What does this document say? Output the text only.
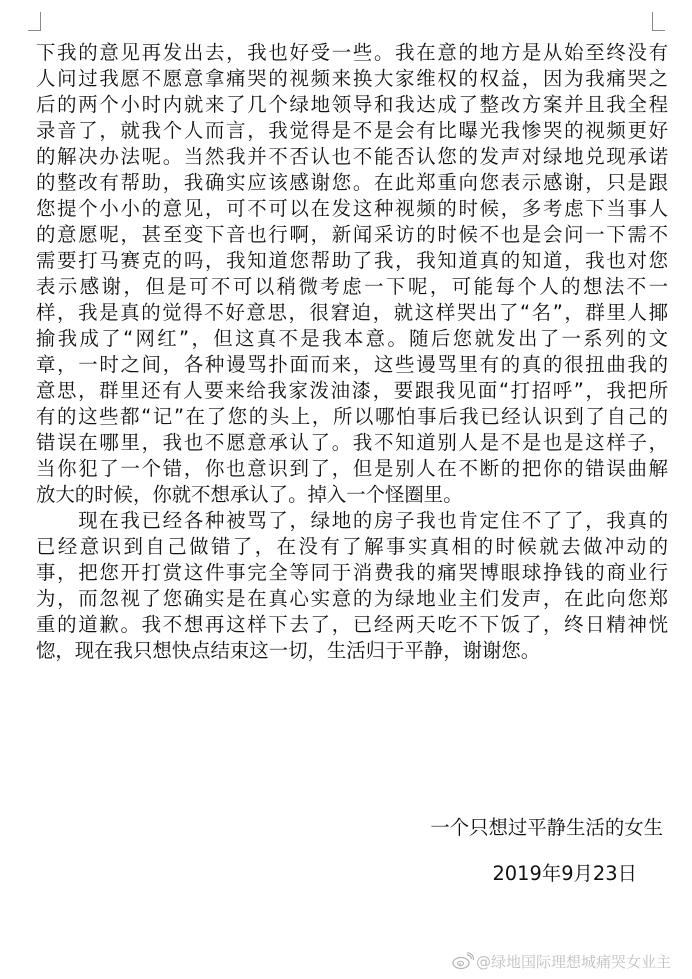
下我的意见再发出去，我也好受一些。我在意的地方是从始至终没有
人问过我愿不愿意拿痛哭的视频来换大家维权的权益，因为我痛哭之
后的两个小时内就来了几个绿地领导和我达成了整改方案并且我全程
录音了，就我个人而言，我觉得是不是会有比曝光我惨哭的视频更好
的解决办法呢。当然我并不否认也不能否认您的发声对绿地兑现承诺
的整改有帮助，我确实应该感谢您。在此郑重向您表示感谢，只是跟
您提个小小的意见，可不可以在发这种视频的时候，多考虑下当事人
的意愿呢，甚至变下音也行啊，新闻采访的时候不也是会问一下需不
需要打马赛克的吗，我知道您帮助了我，我知道真的知道，我也对您
表示感谢，但是可不可以稍微考虑一下呢，可能每个人的想法不一
样，我是真的觉得不好意思，很窘迫，就这样哭出了“名”，群里人揶
揄我成了“网红”，但这真不是我本意。随后您就发出了一系列的文
章，一时之间，各种谩骂扑面而来，这些谩骂里有的真的很扭曲我的
意思，群里还有人要来给我家泼油漆，要跟我见面“打招呼”，我把所
有的这些都“记”在了您的头上，所以哪怕事后我已经认识到了自己的
错误在哪里，我也不愿意承认了。我不知道别人是不是也是这样子，
当你犯了一个错，你也意识到了，但是别人在不断的把你的错误曲解
放大的时候，你就不想承认了。掉入一个怪圈里。
　　现在我已经各种被骂了，绿地的房子我也肯定住不了了，我真的
已经意识到自己做错了，在没有了解事实真相的时候就去做冲动的
事，把您开打赏这件事完全等同于消费我的痛哭博眼球挣钱的商业行
为，而忽视了您确实是在真心实意的为绿地业主们发声，在此向您郑
重的道歉。我不想再这样下去了，已经两天吃不下饭了，终日精神恍
惚，现在我只想快点结束这一切，生活归于平静，谢谢您。
一个只想过平静生活的女生
2019年9月23日
@绿地国际理想城痛哭女业主
